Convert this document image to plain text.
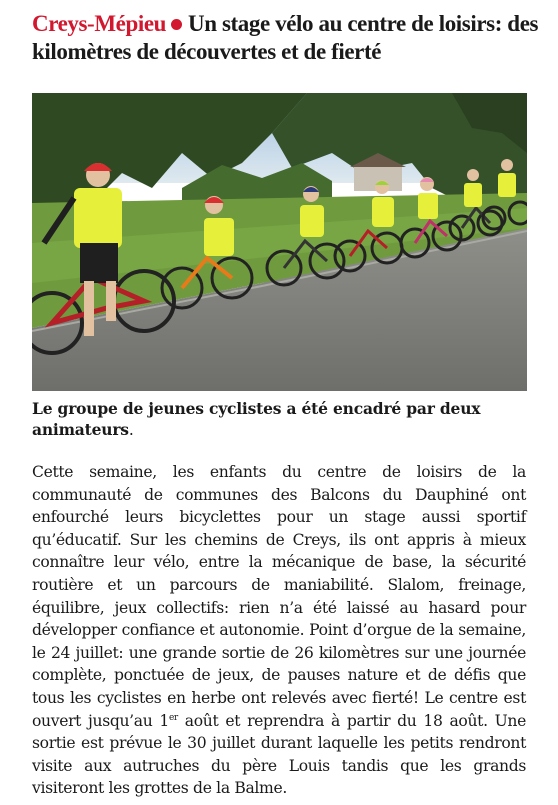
Creys-Mépieu Un stage vélo au centre de loisirs: des kilomètres de découvertes et de fierté
Le groupe de jeunes cyclistes a été encadré par deux animateurs.
Cette semaine, les enfants du centre de loisirs de la communauté de communes des Balcons du Dauphiné ont enfourché leurs bicyclettes pour un stage aussi sportif qu’éducatif. Sur les chemins de Creys, ils ont appris à mieux connaître leur vélo, entre la mécanique de base, la sécurité routière et un parcours de maniabilité. Slalom, freinage, équilibre, jeux collectifs: rien n’a été laissé au hasard pour développer confiance et autonomie. Point d’orgue de la semaine, le 24 juillet: une grande sortie de 26 kilomètres sur une journée complète, ponctuée de jeux, de pauses nature et de défis que tous les cyclistes en herbe ont relevés avec fierté! Le centre est ouvert jusqu’au 1er août et reprendra à partir du 18 août. Une sortie est prévue le 30 juillet durant laquelle les petits rendront visite aux autruches du père Louis tandis que les grands visiteront les grottes de la Balme.
